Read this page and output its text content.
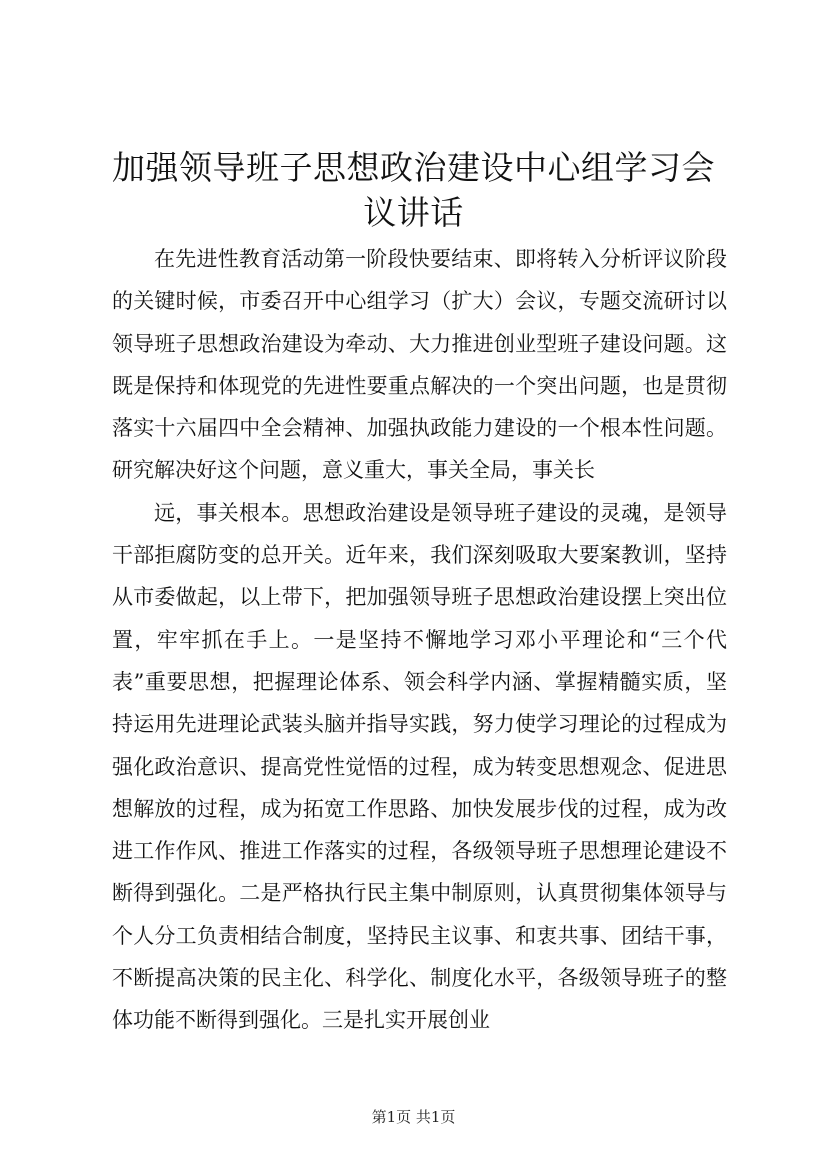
加强领导班子思想政治建设中心组学习会议讲话

在先进性教育活动第一阶段快要结束、即将转入分析评议阶段的关键时候，市委召开中心组学习（扩大）会议，专题交流研讨以领导班子思想政治建设为牵动、大力推进创业型班子建设问题。这既是保持和体现党的先进性要重点解决的一个突出问题，也是贯彻落实十六届四中全会精神、加强执政能力建设的一个根本性问题。研究解决好这个问题，意义重大，事关全局，事关长

远，事关根本。思想政治建设是领导班子建设的灵魂，是领导干部拒腐防变的总开关。近年来，我们深刻吸取大要案教训，坚持从市委做起，以上带下，把加强领导班子思想政治建设摆上突出位置，牢牢抓在手上。一是坚持不懈地学习邓小平理论和“三个代表”重要思想，把握理论体系、领会科学内涵、掌握精髓实质，坚持运用先进理论武装头脑并指导实践，努力使学习理论的过程成为强化政治意识、提高党性觉悟的过程，成为转变思想观念、促进思想解放的过程，成为拓宽工作思路、加快发展步伐的过程，成为改进工作作风、推进工作落实的过程，各级领导班子思想理论建设不断得到强化。二是严格执行民主集中制原则，认真贯彻集体领导与个人分工负责相结合制度，坚持民主议事、和衷共事、团结干事，不断提高决策的民主化、科学化、制度化水平，各级领导班子的整体功能不断得到强化。三是扎实开展创业

第1页 共1页
